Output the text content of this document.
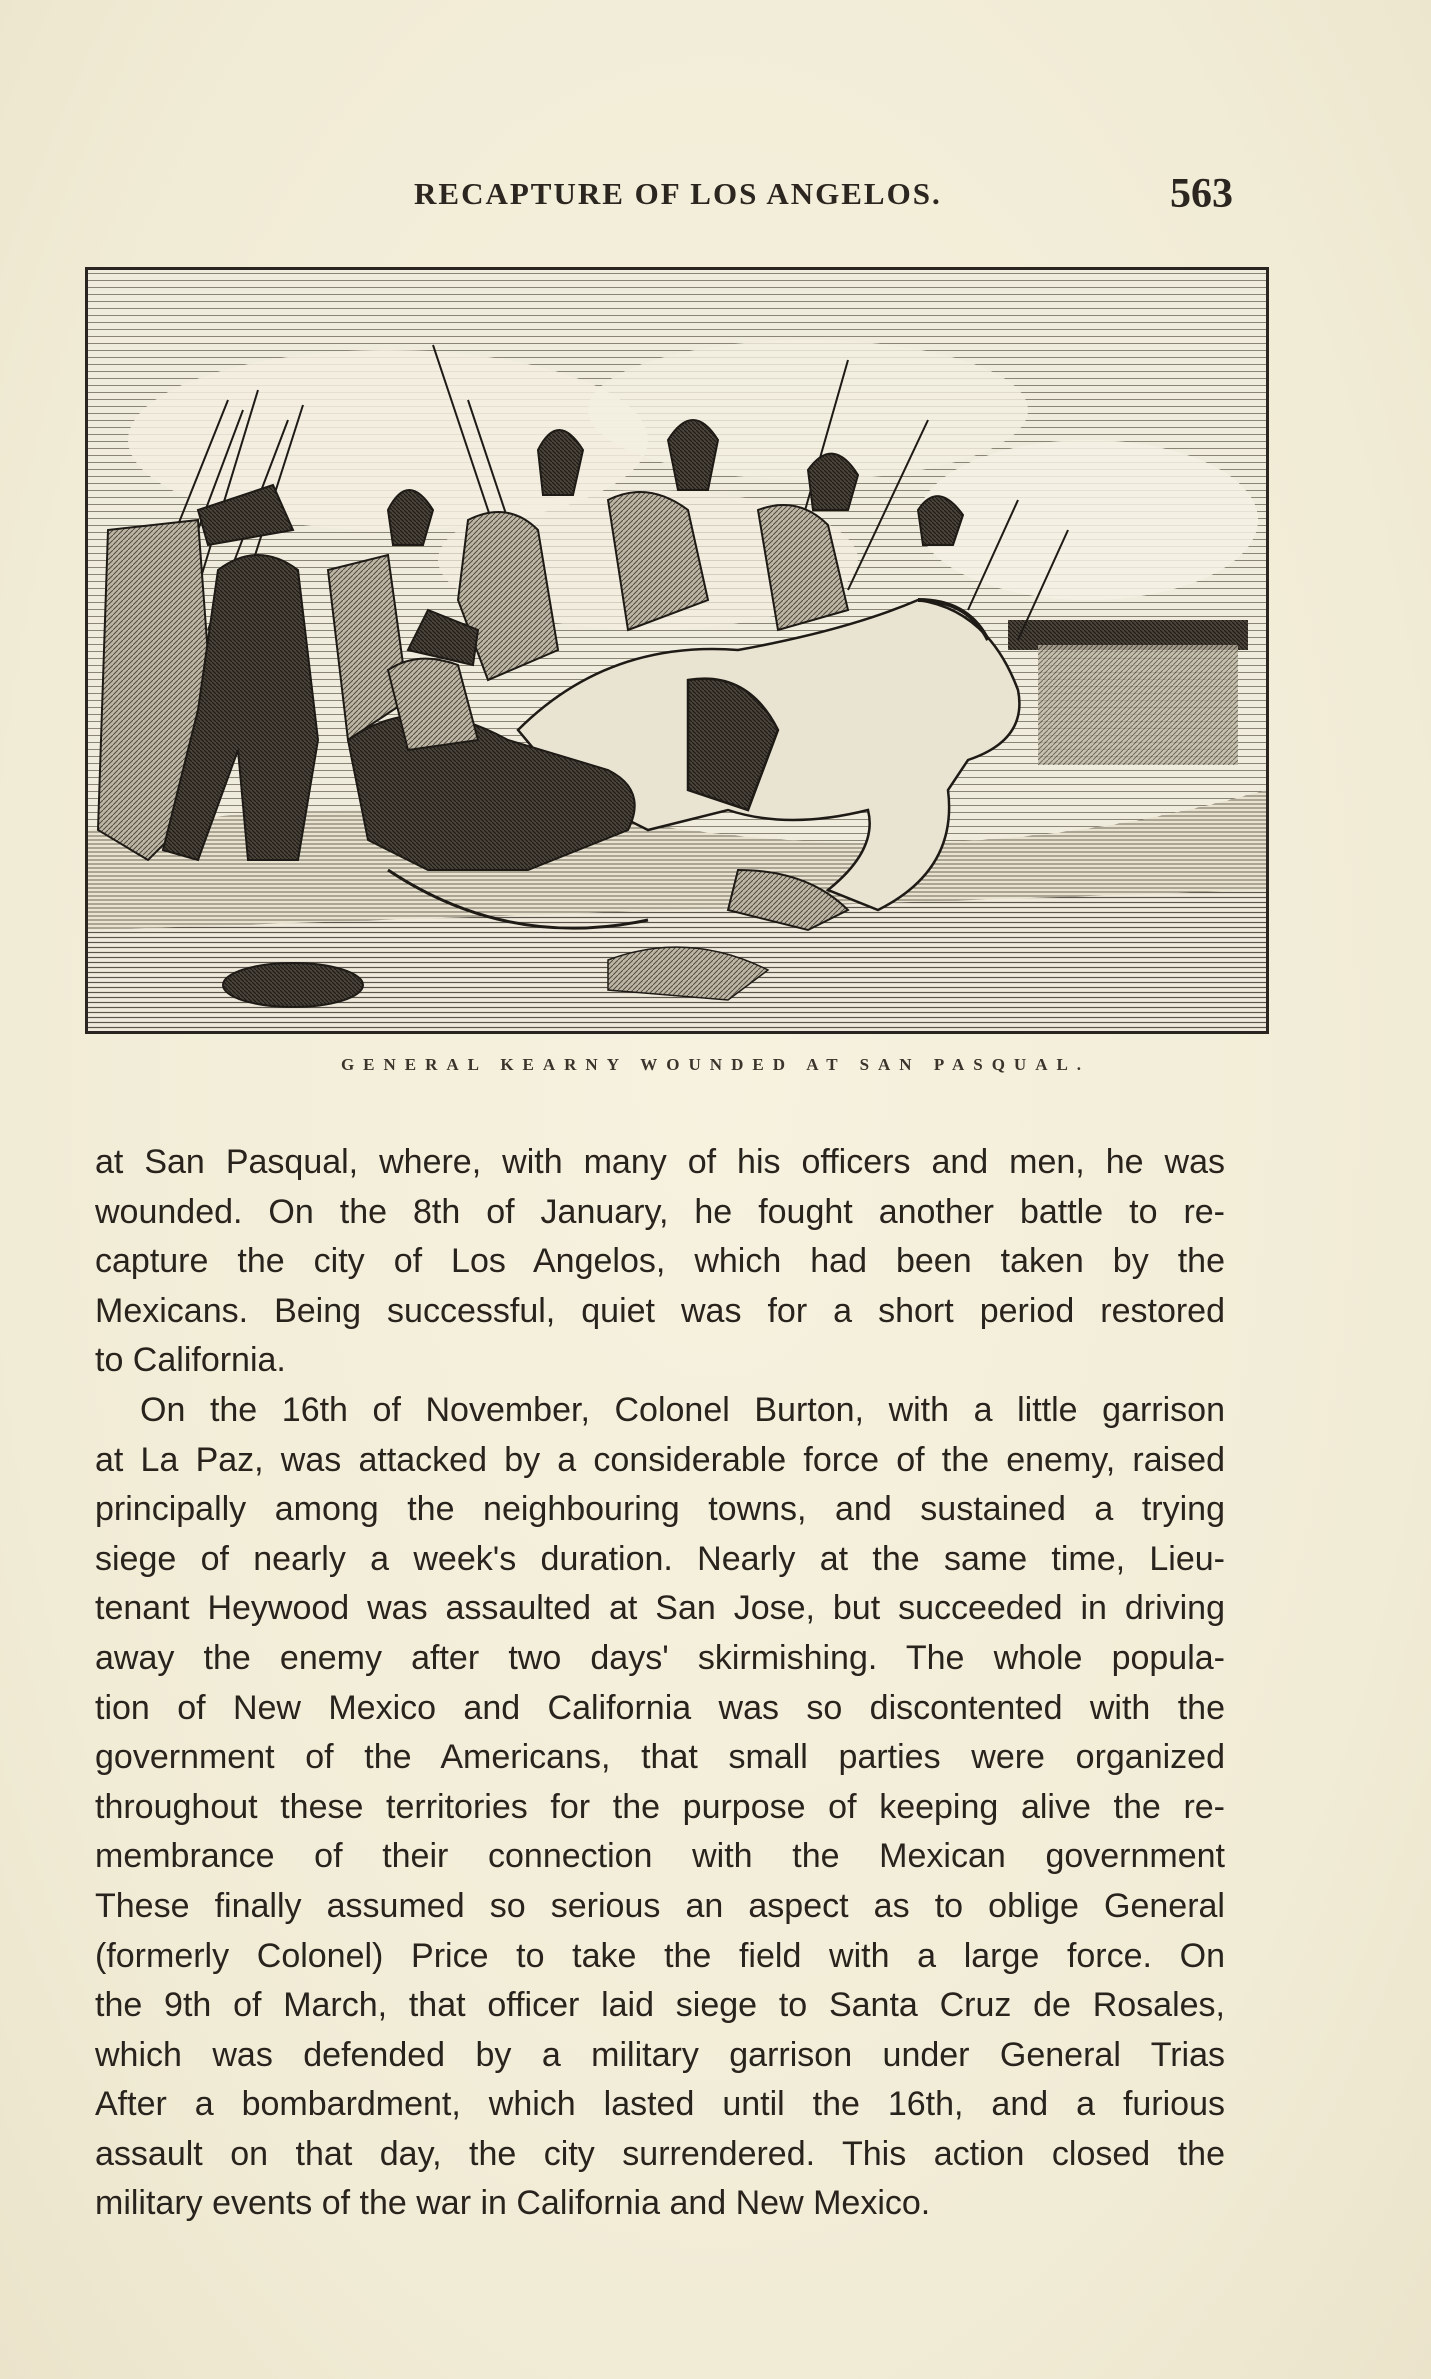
RECAPTURE OF LOS ANGELOS.	563
GENERAL KEARNY WOUNDED AT SAN PASQUAL.
at San Pasqual, where, with many of his officers and men, he was
wounded. On the 8th of January, he fought another battle to re-
capture the city of Los Angelos, which had been taken by the
Mexicans. Being successful, quiet was for a short period restored
to California.
On the 16th of November, Colonel Burton, with a little garrison
at La Paz, was attacked by a considerable force of the enemy, raised
principally among the neighbouring towns, and sustained a trying
siege of nearly a week's duration. Nearly at the same time, Lieu-
tenant Heywood was assaulted at San Jose, but succeeded in driving
away the enemy after two days' skirmishing. The whole popula-
tion of New Mexico and California was so discontented with the
government of the Americans, that small parties were organized
throughout these territories for the purpose of keeping alive the re-
membrance of their connection with the Mexican government
These finally assumed so serious an aspect as to oblige General
(formerly Colonel) Price to take the field with a large force. On
the 9th of March, that officer laid siege to Santa Cruz de Rosales,
which was defended by a military garrison under General Trias
After a bombardment, which lasted until the 16th, and a furious
assault on that day, the city surrendered. This action closed the
military events of the war in California and New Mexico.
